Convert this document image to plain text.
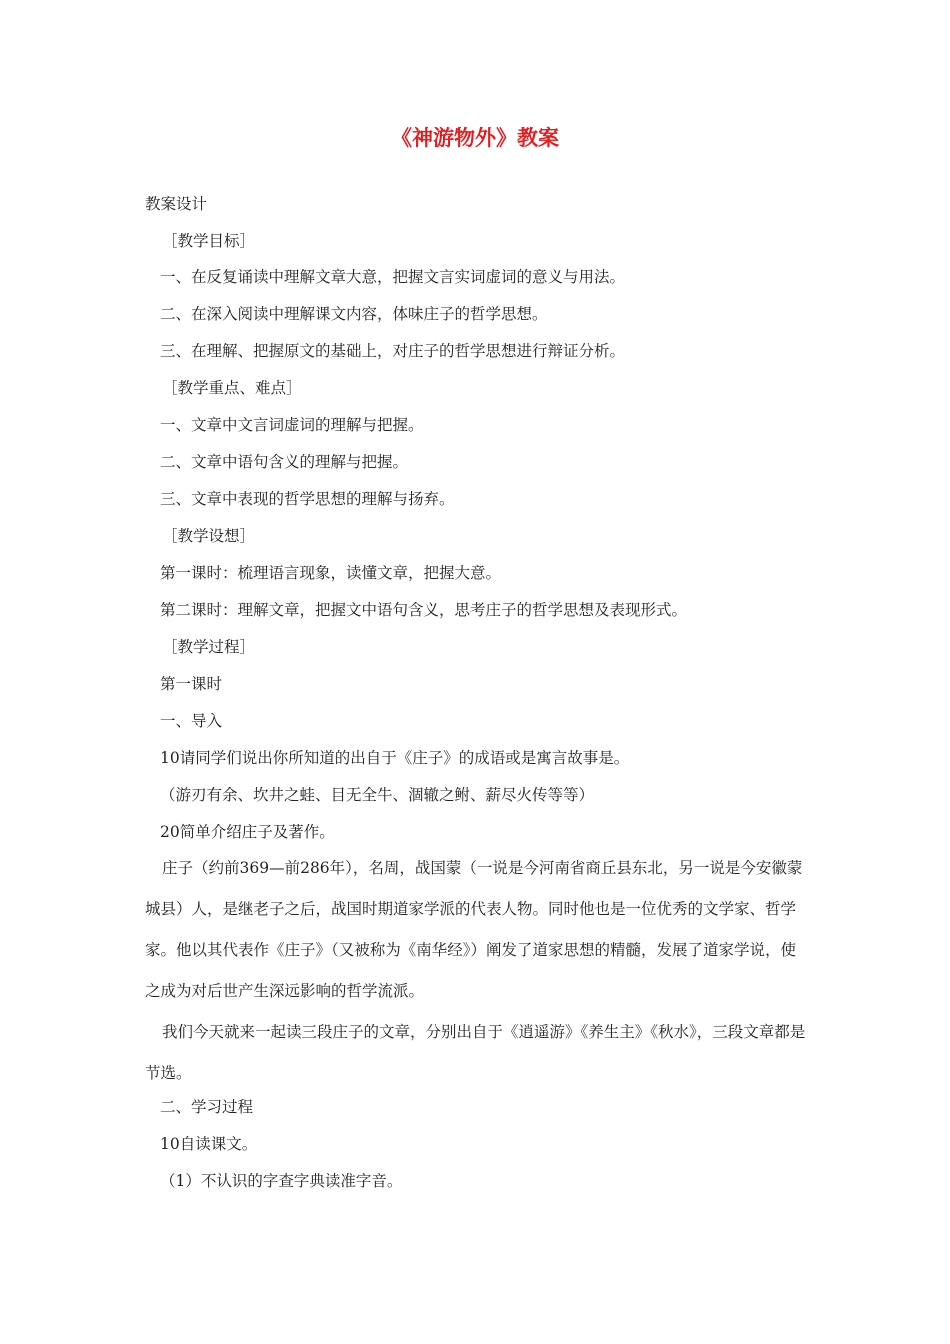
《神游物外》教案
教案设计
［教学目标］
一、在反复诵读中理解文章大意，把握文言实词虚词的意义与用法。
二、在深入阅读中理解课文内容，体味庄子的哲学思想。
三、在理解、把握原文的基础上，对庄子的哲学思想进行辩证分析。
［教学重点、难点］
一、文章中文言词虚词的理解与把握。
二、文章中语句含义的理解与把握。
三、文章中表现的哲学思想的理解与扬弃。
［教学设想］
第一课时：梳理语言现象，读懂文章，把握大意。
第二课时：理解文章，把握文中语句含义，思考庄子的哲学思想及表现形式。
［教学过程］
第一课时
一、导入
10请同学们说出你所知道的出自于《庄子》的成语或是寓言故事是。
（游刃有余、坎井之蛙、目无全牛、涸辙之鲋、薪尽火传等等）
20简单介绍庄子及著作。
庄子（约前369—前286年），名周，战国蒙（一说是今河南省商丘县东北，另一说是今安徽蒙城县）人，是继老子之后，战国时期道家学派的代表人物。同时他也是一位优秀的文学家、哲学家。他以其代表作《庄子》（又被称为《南华经》）阐发了道家思想的精髓，发展了道家学说，使之成为对后世产生深远影响的哲学流派。
我们今天就来一起读三段庄子的文章，分别出自于《逍遥游》《养生主》《秋水》，三段文章都是节选。
二、学习过程
10自读课文。
（1）不认识的字查字典读准字音。
